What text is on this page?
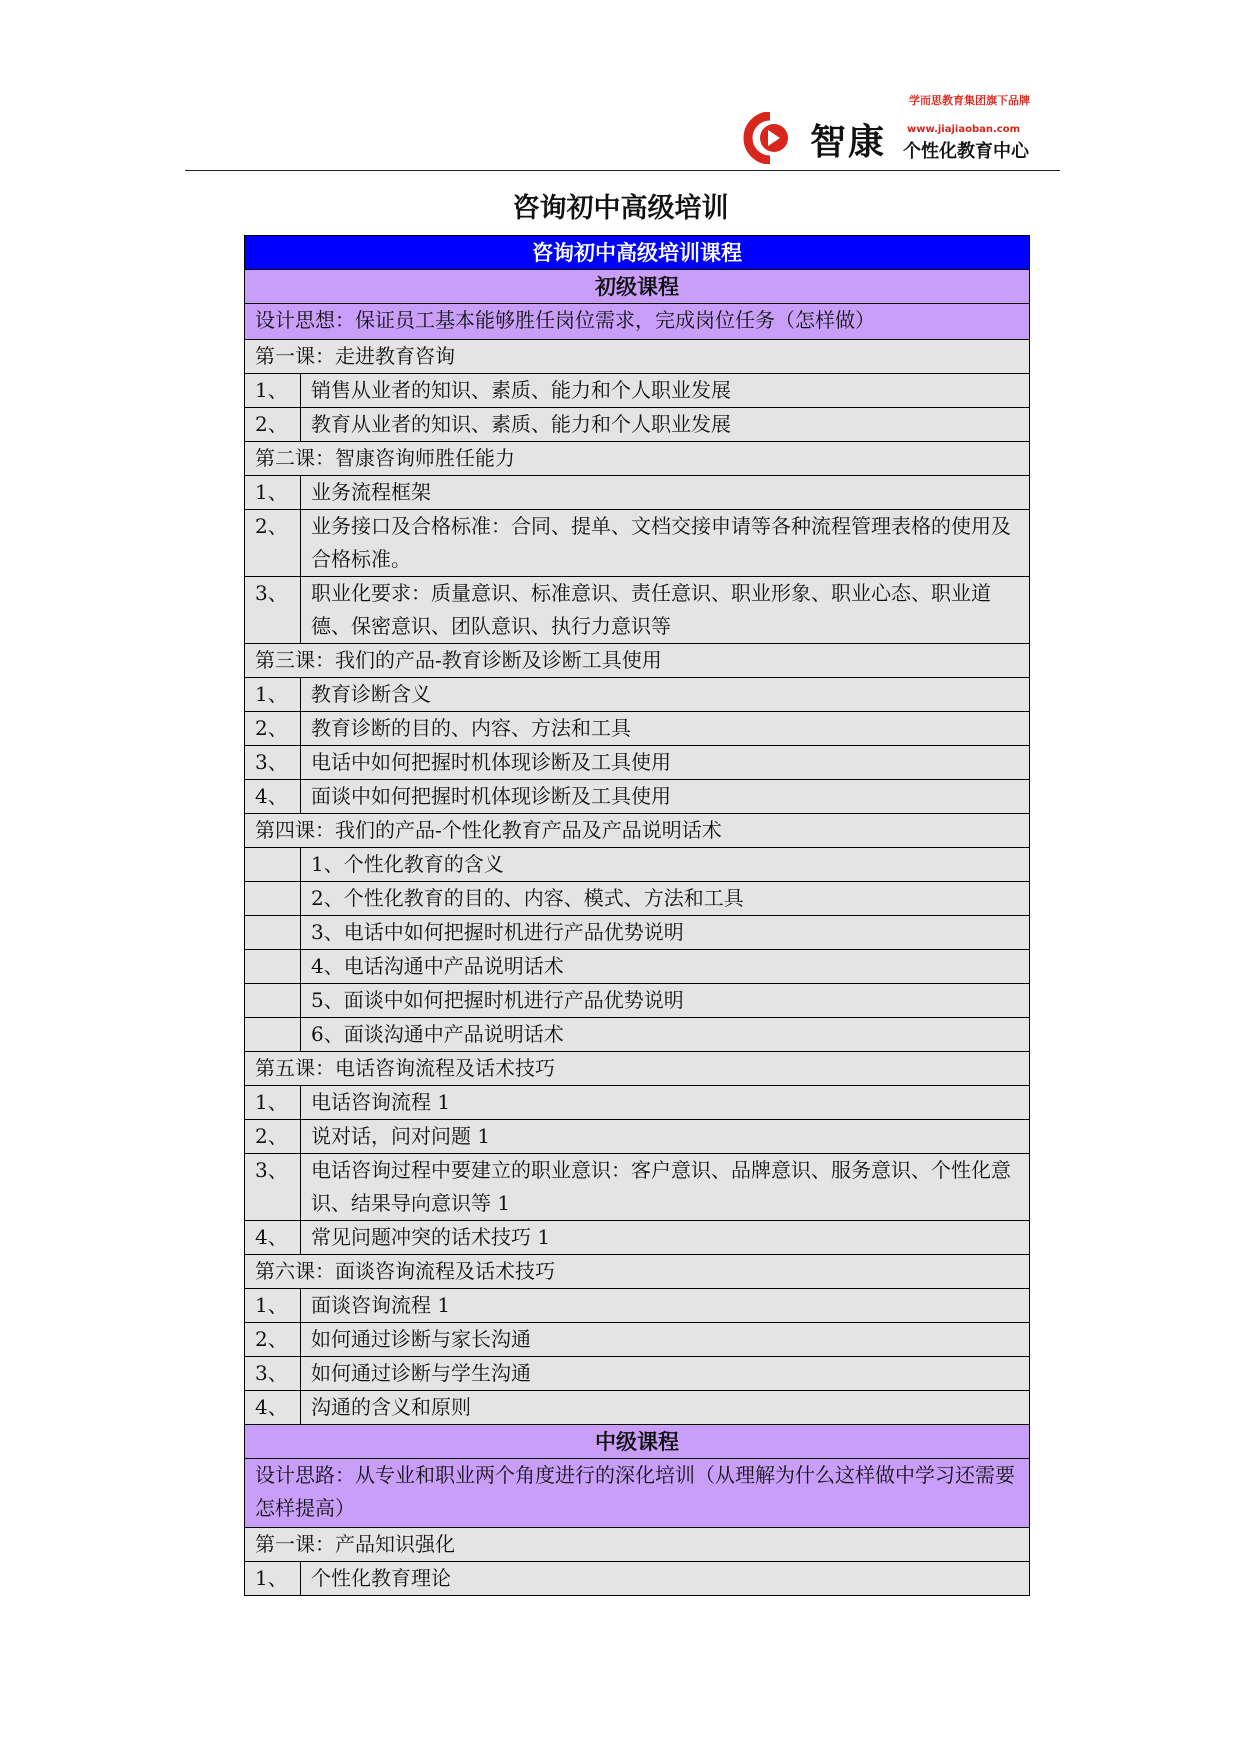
学而思教育集团旗下品牌
智康 www.jiajiaoban.com
个性化教育中心
咨询初中高级培训
咨询初中高级培训课程	
初级课程	
设计思想：保证员工基本能够胜任岗位需求，完成岗位任务（怎样做）	
第一课：走进教育咨询	
1、	销售从业者的知识、素质、能力和个人职业发展
2、	教育从业者的知识、素质、能力和个人职业发展
第二课：智康咨询师胜任能力	
1、	业务流程框架
2、	业务接口及合格标准：合同、提单、文档交接申请等各种流程管理表格的使用及合格标准。
3、	职业化要求：质量意识、标准意识、责任意识、职业形象、职业心态、职业道德、保密意识、团队意识、执行力意识等
第三课：我们的产品-教育诊断及诊断工具使用	
1、	教育诊断含义
2、	教育诊断的目的、内容、方法和工具
3、	电话中如何把握时机体现诊断及工具使用
4、	面谈中如何把握时机体现诊断及工具使用
第四课：我们的产品-个性化教育产品及产品说明话术	
	1、个性化教育的含义
	2、个性化教育的目的、内容、模式、方法和工具
	3、电话中如何把握时机进行产品优势说明
	4、电话沟通中产品说明话术
	5、面谈中如何把握时机进行产品优势说明
	6、面谈沟通中产品说明话术
第五课：电话咨询流程及话术技巧	
1、	电话咨询流程 1
2、	说对话，问对问题 1
3、	电话咨询过程中要建立的职业意识：客户意识、品牌意识、服务意识、个性化意识、结果导向意识等 1
4、	常见问题冲突的话术技巧 1
第六课：面谈咨询流程及话术技巧	
1、	面谈咨询流程 1
2、	如何通过诊断与家长沟通
3、	如何通过诊断与学生沟通
4、	沟通的含义和原则
中级课程	
设计思路：从专业和职业两个角度进行的深化培训（从理解为什么这样做中学习还需要怎样提高）	
第一课：产品知识强化	
1、	个性化教育理论
